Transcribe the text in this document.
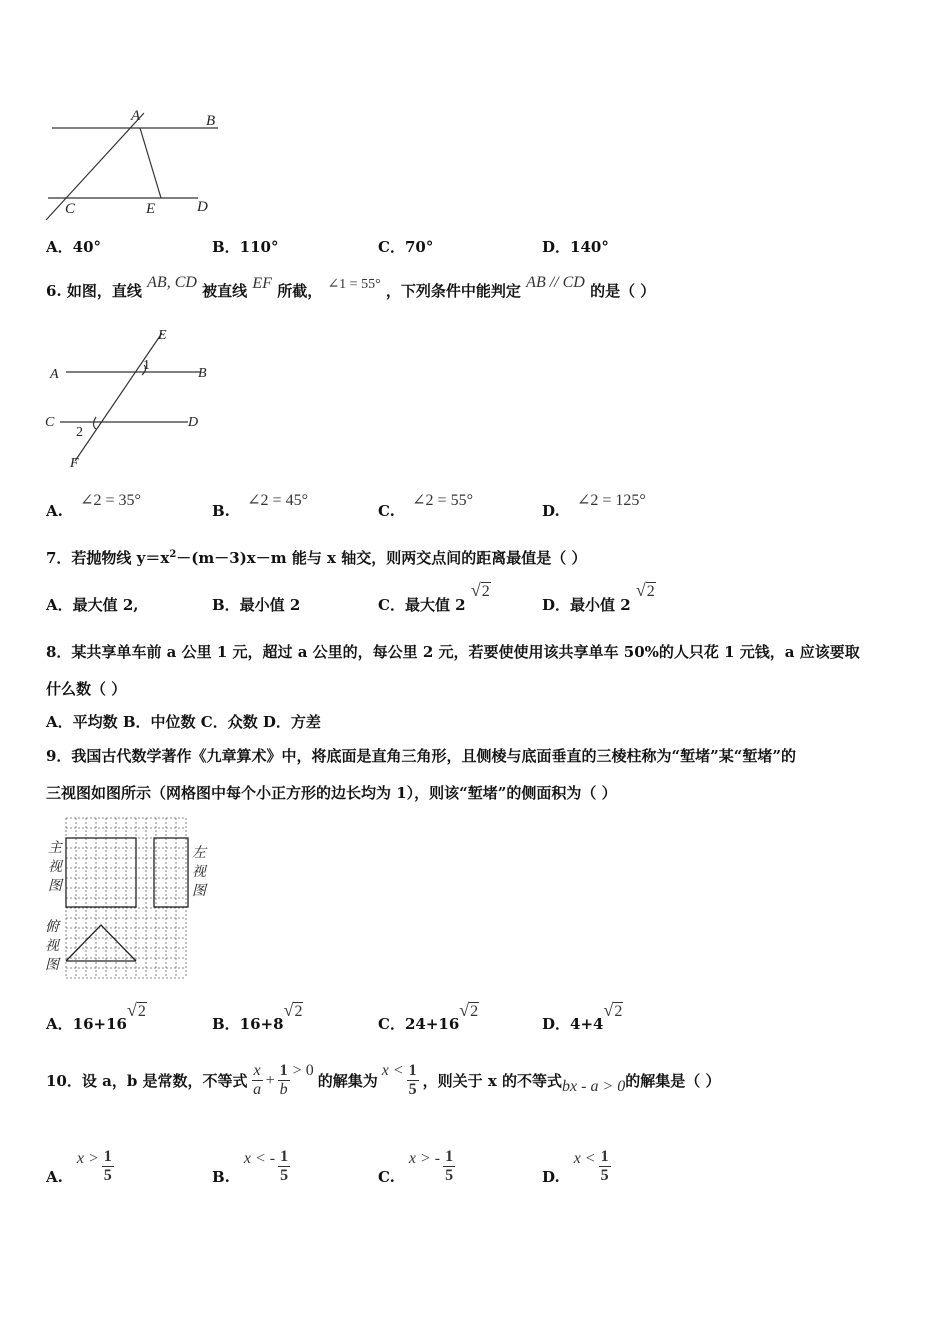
A	B
C	E	D
A．40°	B．110°	C．70°	D．140°
6. 如图，直线 AB, CD 被直线 EF 所截， ∠1 = 55° ，下列条件中能判定 AB // CD 的是（ ）
E
A
1
B
C	D
2
F
A. ∠2 = 35°
B. ∠2 = 45°
C. ∠2 = 55°
D. ∠2 = 125°
7．若抛物线 $y=x^2-(m-3)x-m$ 能与 x 轴交，则两交点间的距离最值是（ ）
A．最大值 2,	B．最小值 2	C．最大值 2 √2
D．最小值 2 √2
8．某共享单车前 a 公里 1 元，超过 a 公里的，每公里 2 元，若要使使用该共享单车 50%的人只花 1 元钱，a 应该要取
什么数（ ）
A．平均数 B．中位数 C．众数 D．方差
9．我国古代数学著作《九章算术》中，将底面是直角三角形，且侧棱与底面垂直的三棱柱称为“堑堵”某“堑堵”的
三视图如图所示（网格图中每个小正方形的边长均为 1），则该“堑堵”的侧面积为（ ）
主
视
图
左
视
图
俯
视
图
A．16+16√2
B．16+8√2
C．24+16√2
D．4+4√2
10．设 a，b 是常数，不等式 $\frac{x}{a} + \frac{1}{b} > 0$
的解集为
$x < \frac{1}{5}$ ，则关于 x 的不等式 bx - a > 0 的解集是（ ）
A.
$x > \frac{1}{5}$	B.
x < - $\frac{1}{5}$	C.
x > - $\frac{1}{5}$	D.
$x < \frac{1}{5}$
